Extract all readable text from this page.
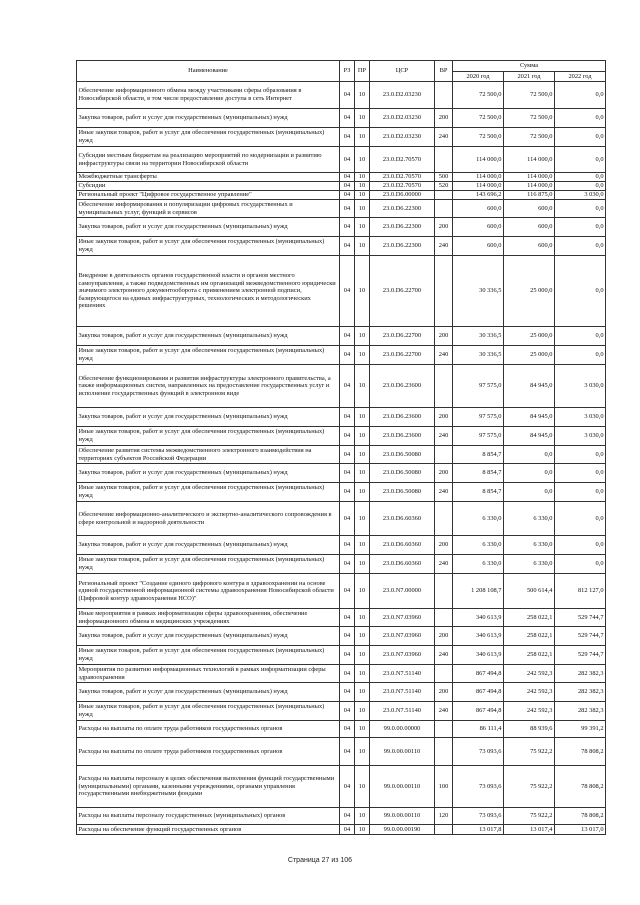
Наименование	РЗ	ПР	ЦСР	ВР	Сумма		
					2020 год	2021 год	2022 год
Обеспечение информационного обмена между участниками сферы образования в Новосибирской области, в том числе предоставление доступа в сеть Интернет	04	10	23.0.D2.03230		72 500,0	72 500,0	0,0
Закупка товаров, работ и услуг для государственных (муниципальных) нужд	04	10	23.0.D2.03230	200	72 500,0	72 500,0	0,0
Иные закупки товаров, работ и услуг для обеспечения государственных (муниципальных) нужд	04	10	23.0.D2.03230	240	72 500,0	72 500,0	0,0
Субсидии местным бюджетам на реализацию мероприятий по модернизации и развитию инфраструктуры связи на территории Новосибирской области	04	10	23.0.D2.70570		114 000,0	114 000,0	0,0
Межбюджетные трансферты	04	10	23.0.D2.70570	500	114 000,0	114 000,0	0,0
Субсидии	04	10	23.0.D2.70570	520	114 000,0	114 000,0	0,0
Региональный проект "Цифровое государственное управление"	04	10	23.0.D6.00000		143 696,2	116 875,0	3 030,0
Обеспечение информирования и популяризации цифровых государственных и муниципальных услуг, функций и сервисов	04	10	23.0.D6.22300		600,0	600,0	0,0
Закупка товаров, работ и услуг для государственных (муниципальных) нужд	04	10	23.0.D6.22300	200	600,0	600,0	0,0
Иные закупки товаров, работ и услуг для обеспечения государственных (муниципальных) нужд	04	10	23.0.D6.22300	240	600,0	600,0	0,0
Внедрение в деятельность органов государственной власти и органов местного самоуправления, а также подведомственных им организаций межведомственного юридически значимого электронного документооборота с применением электронной подписи, базирующегося на единых инфраструктурных, технологических и методологических решениях	04	10	23.0.D6.22700		30 336,5	25 000,0	0,0
Закупка товаров, работ и услуг для государственных (муниципальных) нужд	04	10	23.0.D6.22700	200	30 336,5	25 000,0	0,0
Иные закупки товаров, работ и услуг для обеспечения государственных (муниципальных) нужд	04	10	23.0.D6.22700	240	30 336,5	25 000,0	0,0
Обеспечение функционирования и развития инфраструктуры электронного правительства, а также информационных систем, направленных на предоставление государственных услуг и исполнение государственных функций в электронном виде	04	10	23.0.D6.23600		97 575,0	84 945,0	3 030,0
Закупка товаров, работ и услуг для государственных (муниципальных) нужд	04	10	23.0.D6.23600	200	97 575,0	84 945,0	3 030,0
Иные закупки товаров, работ и услуг для обеспечения государственных (муниципальных) нужд	04	10	23.0.D6.23600	240	97 575,0	84 945,0	3 030,0
Обеспечение развития системы межведомственного электронного взаимодействия на территориях субъектов Российской Федерации	04	10	23.0.D6.50080		8 854,7	0,0	0,0
Закупка товаров, работ и услуг для государственных (муниципальных) нужд	04	10	23.0.D6.50080	200	8 854,7	0,0	0,0
Иные закупки товаров, работ и услуг для обеспечения государственных (муниципальных) нужд	04	10	23.0.D6.50080	240	8 854,7	0,0	0,0
Обеспечение информационно-аналитического и экспертно-аналитического сопровождения в сфере контрольной и надзорной деятельности	04	10	23.0.D6.60360		6 330,0	6 330,0	0,0
Закупка товаров, работ и услуг для государственных (муниципальных) нужд	04	10	23.0.D6.60360	200	6 330,0	6 330,0	0,0
Иные закупки товаров, работ и услуг для обеспечения государственных (муниципальных) нужд	04	10	23.0.D6.60360	240	6 330,0	6 330,0	0,0
Региональный проект "Создание единого цифрового контура в здравоохранении на основе единой государственной информационной системы здравоохранения Новосибирской области (Цифровой контур здравоохранения НСО)"	04	10	23.0.N7.00000		1 208 108,7	500 614,4	812 127,0
Иные мероприятия в рамках информатизации сферы здравоохранения, обеспечение информационного обмена в медицинских учреждениях	04	10	23.0.N7.03960		340 613,9	258 022,1	529 744,7
Закупка товаров, работ и услуг для государственных (муниципальных) нужд	04	10	23.0.N7.03960	200	340 613,9	258 022,1	529 744,7
Иные закупки товаров, работ и услуг для обеспечения государственных (муниципальных) нужд	04	10	23.0.N7.03960	240	340 613,9	258 022,1	529 744,7
Мероприятия по развитию информационных технологий в рамках информатизации сферы здравоохранения	04	10	23.0.N7.51140		867 494,8	242 592,3	282 382,3
Закупка товаров, работ и услуг для государственных (муниципальных) нужд	04	10	23.0.N7.51140	200	867 494,8	242 592,3	282 382,3
Иные закупки товаров, работ и услуг для обеспечения государственных (муниципальных) нужд	04	10	23.0.N7.51140	240	867 494,8	242 592,3	282 382,3
Расходы на выплаты по оплате труда работников государственных органов	04	10	99.0.00.00000		86 111,4	88 939,6	99 391,2
Расходы на выплаты по оплате труда работников государственных органов	04	10	99.0.00.00110		73 093,6	75 922,2	78 808,2
Расходы на выплаты персоналу в целях обеспечения выполнения функций государственными (муниципальными) органами, казенными учреждениями, органами управления государственными внебюджетными фондами	04	10	99.0.00.00110	100	73 093,6	75 922,2	78 808,2
Расходы на выплаты персоналу государственных (муниципальных) органов	04	10	99.0.00.00110	120	73 093,6	75 922,2	78 808,2
Расходы на обеспечение функций государственных органов	04	10	99.0.00.00190		13 017,8	13 017,4	13 017,0
Страница 27 из 106
